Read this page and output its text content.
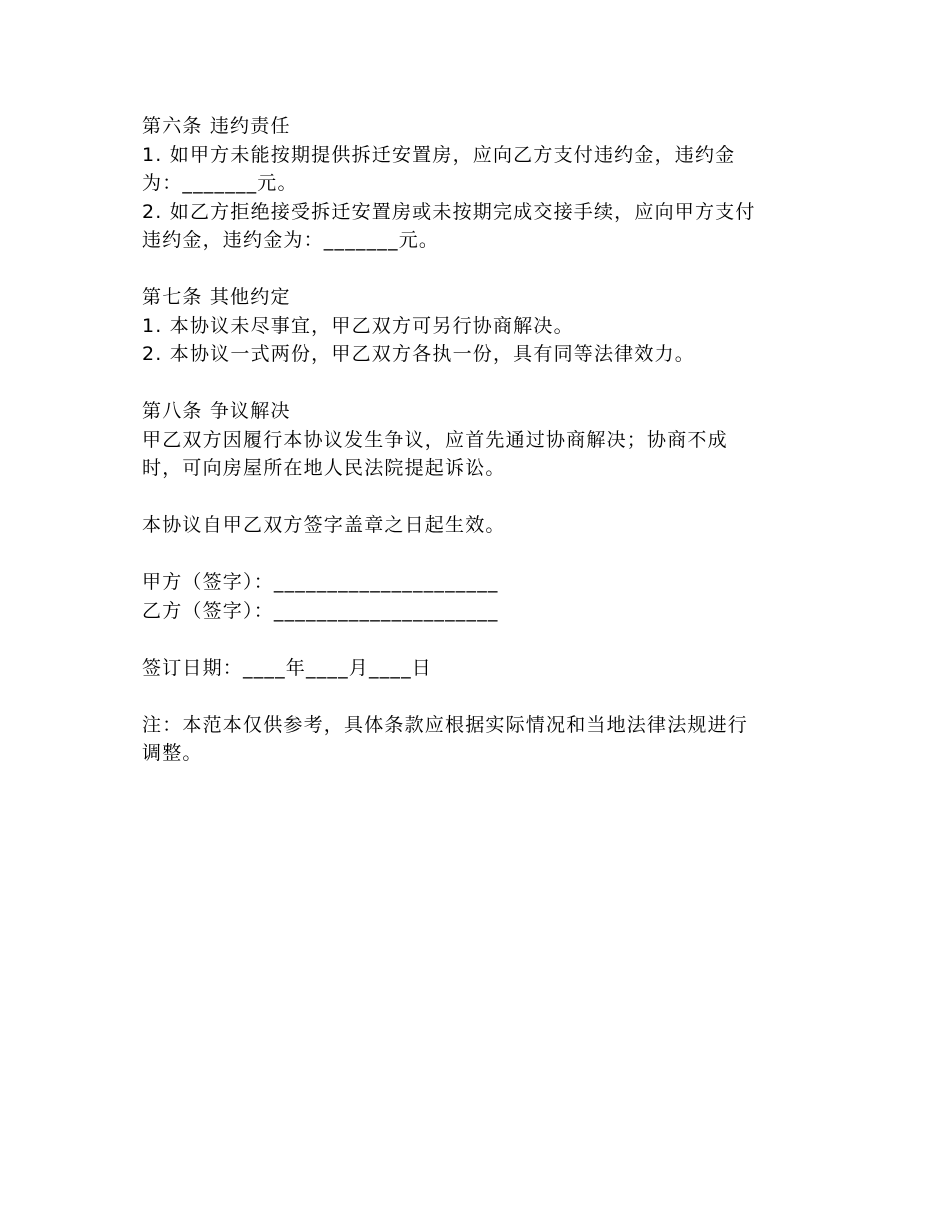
第六条 违约责任
1. 如甲方未能按期提供拆迁安置房，应向乙方支付违约金，违约金
为：_______元。
2. 如乙方拒绝接受拆迁安置房或未按期完成交接手续，应向甲方支付
违约金，违约金为：_______元。
第七条 其他约定
1. 本协议未尽事宜，甲乙双方可另行协商解决。
2. 本协议一式两份，甲乙双方各执一份，具有同等法律效力。
第八条 争议解决
甲乙双方因履行本协议发生争议，应首先通过协商解决；协商不成
时，可向房屋所在地人民法院提起诉讼。
本协议自甲乙双方签字盖章之日起生效。
甲方（签字）：_____________________
乙方（签字）：_____________________
签订日期：____年____月____日
注：本范本仅供参考，具体条款应根据实际情况和当地法律法规进行
调整。
